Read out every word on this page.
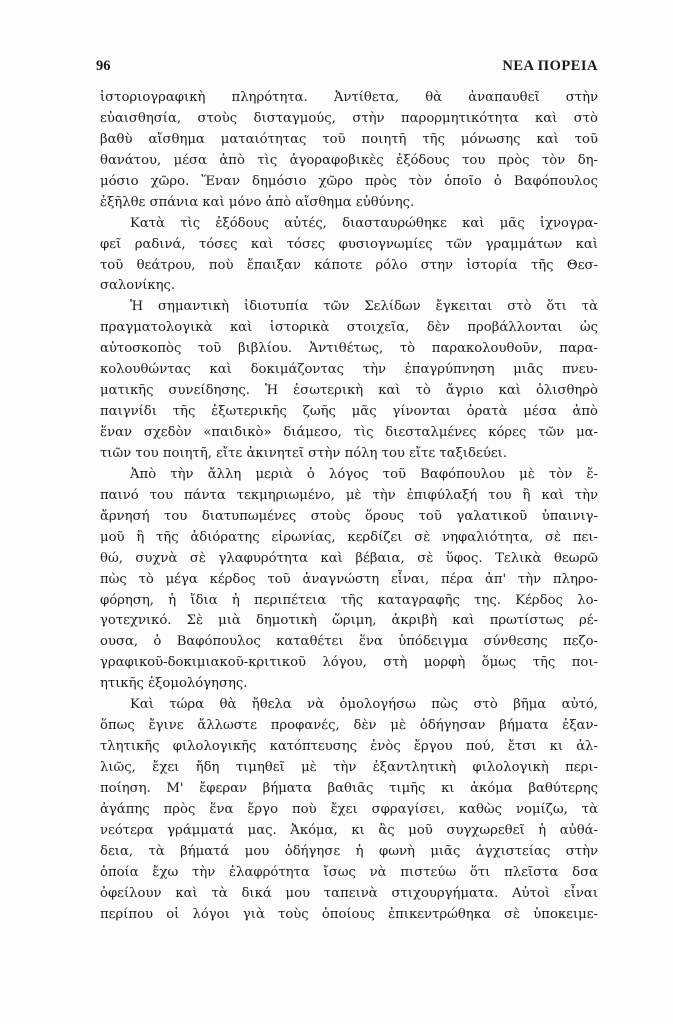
96	ΝΕΑ ΠΟΡΕΙΑ
ἱστοριογραφικὴ πληρότητα. Ἀντίθετα, θὰ ἀναπαυθεῖ στὴν
εὐαισθησία, στοὺς δισταγμούς, στὴν παρορμητικότητα καὶ στὸ
βαθὺ αἴσθημα ματαιότητας τοῦ ποιητῆ τῆς μόνωσης καὶ τοῦ
θανάτου, μέσα ἀπὸ τὶς ἀγοραφοβικὲς ἐξόδους του πρὸς τὸν δη-
μόσιο χῶρο. Ἕναν δημόσιο χῶρο πρὸς τὸν ὁποῖο ὁ Βαφόπουλος
ἐξῆλθε σπάνια καὶ μόνο ἀπὸ αἴσθημα εὐθύνης.
Κατὰ τὶς ἐξόδους αὐτές, διασταυρώθηκε καὶ μᾶς ἰχνογρα-
φεῖ ραδινά, τόσες καὶ τόσες φυσιογνωμίες τῶν γραμμάτων καὶ
τοῦ θεάτρου, ποὺ ἔπαιξαν κάποτε ρόλο στην ἱστορία τῆς Θεσ-
σαλονίκης.
Ἡ σημαντικὴ ἰδιοτυπία τῶν Σελίδων ἔγκειται στὸ ὅτι τὰ
πραγματολογικὰ καὶ ἱστορικὰ στοιχεῖα, δὲν προβάλλονται ὡς
αὐτοσκοπὸς τοῦ βιβλίου. Ἀντιθέτως, τὸ παρακολουθοῦν, παρα-
κολουθώντας καὶ δοκιμάζοντας τὴν ἐπαγρύπνηση μιᾶς πνευ-
ματικῆς συνείδησης. Ἡ ἐσωτερικὴ καὶ τὸ ἄγριο καὶ ὀλισθηρὸ
παιγνίδι τῆς ἐξωτερικῆς ζωῆς μᾶς γίνονται ὁρατὰ μέσα ἀπὸ
ἕναν σχεδὸν «παιδικὸ» διάμεσο, τὶς διεσταλμένες κόρες τῶν μα-
τιῶν του ποιητῆ, εἴτε ἀκινητεῖ στὴν πόλη του εἴτε ταξιδεύει.
Ἀπὸ τὴν ἄλλη μεριὰ ὁ λόγος τοῦ Βαφόπουλου μὲ τὸν ἔ-
παινό του πάντα τεκμηριωμένο, μὲ τὴν ἐπιφύλαξή του ἢ καὶ τὴν
ἄρνησή του διατυπωμένες στοὺς ὅρους τοῦ γαλατικοῦ ὑπαινιγ-
μοῦ ἢ τῆς ἀδιόρατης εἰρωνίας, κερδίζει σὲ νηφαλιότητα, σὲ πει-
θώ, συχνὰ σὲ γλαφυρότητα καὶ βέβαια, σὲ ὕφος. Τελικὰ θεωρῶ
πὼς τὸ μέγα κέρδος τοῦ ἀναγνώστη εἶναι, πέρα ἀπ' τὴν πληρο-
φόρηση, ἡ ἴδια ἡ περιπέτεια τῆς καταγραφῆς της. Κέρδος λο-
γοτεχνικό. Σὲ μιὰ δημοτικὴ ὥριμη, ἀκριβὴ καὶ πρωτίστως ρέ-
ουσα, ὁ Βαφόπουλος καταθέτει ἕνα ὑπόδειγμα σύνθεσης πεζο-
γραφικοῦ-δοκιμιακοῦ-κριτικοῦ λόγου, στὴ μορφὴ ὅμως τῆς ποι-
ητικῆς ἐξομολόγησης.
Καὶ τώρα θὰ ἤθελα νὰ ὁμολογήσω πὼς στὸ βῆμα αὐτό,
ὅπως ἔγινε ἄλλωστε προφανές, δὲν μὲ ὁδήγησαν βήματα ἐξαν-
τλητικῆς φιλολογικῆς κατόπτευσης ἑνὸς ἔργου πού, ἔτσι κι ἀλ-
λιῶς, ἔχει ἤδη τιμηθεῖ μὲ τὴν ἐξαντλητικὴ φιλολογικὴ περι-
ποίηση. Μ' ἔφεραν βήματα βαθιᾶς τιμῆς κι ἀκόμα βαθύτερης
ἀγάπης πρὸς ἕνα ἔργο ποὺ ἔχει σφραγίσει, καθὼς νομίζω, τὰ
νεότερα γράμματά μας. Ἀκόμα, κι ἂς μοῦ συγχωρεθεῖ ἡ αὐθά-
δεια, τὰ βήματά μου ὁδήγησε ἡ φωνὴ μιᾶς ἀγχιστείας στὴν
ὁποία ἔχω τὴν ἐλαφρότητα ἴσως νὰ πιστεύω ὅτι πλεῖστα δσα
ὀφείλουν καὶ τὰ δικά μου ταπεινὰ στιχουργήματα. Αὐτοὶ εἶναι
περίπου οἱ λόγοι γιὰ τοὺς ὁποίους ἐπικεντρώθηκα σὲ ὑποκειμε-
